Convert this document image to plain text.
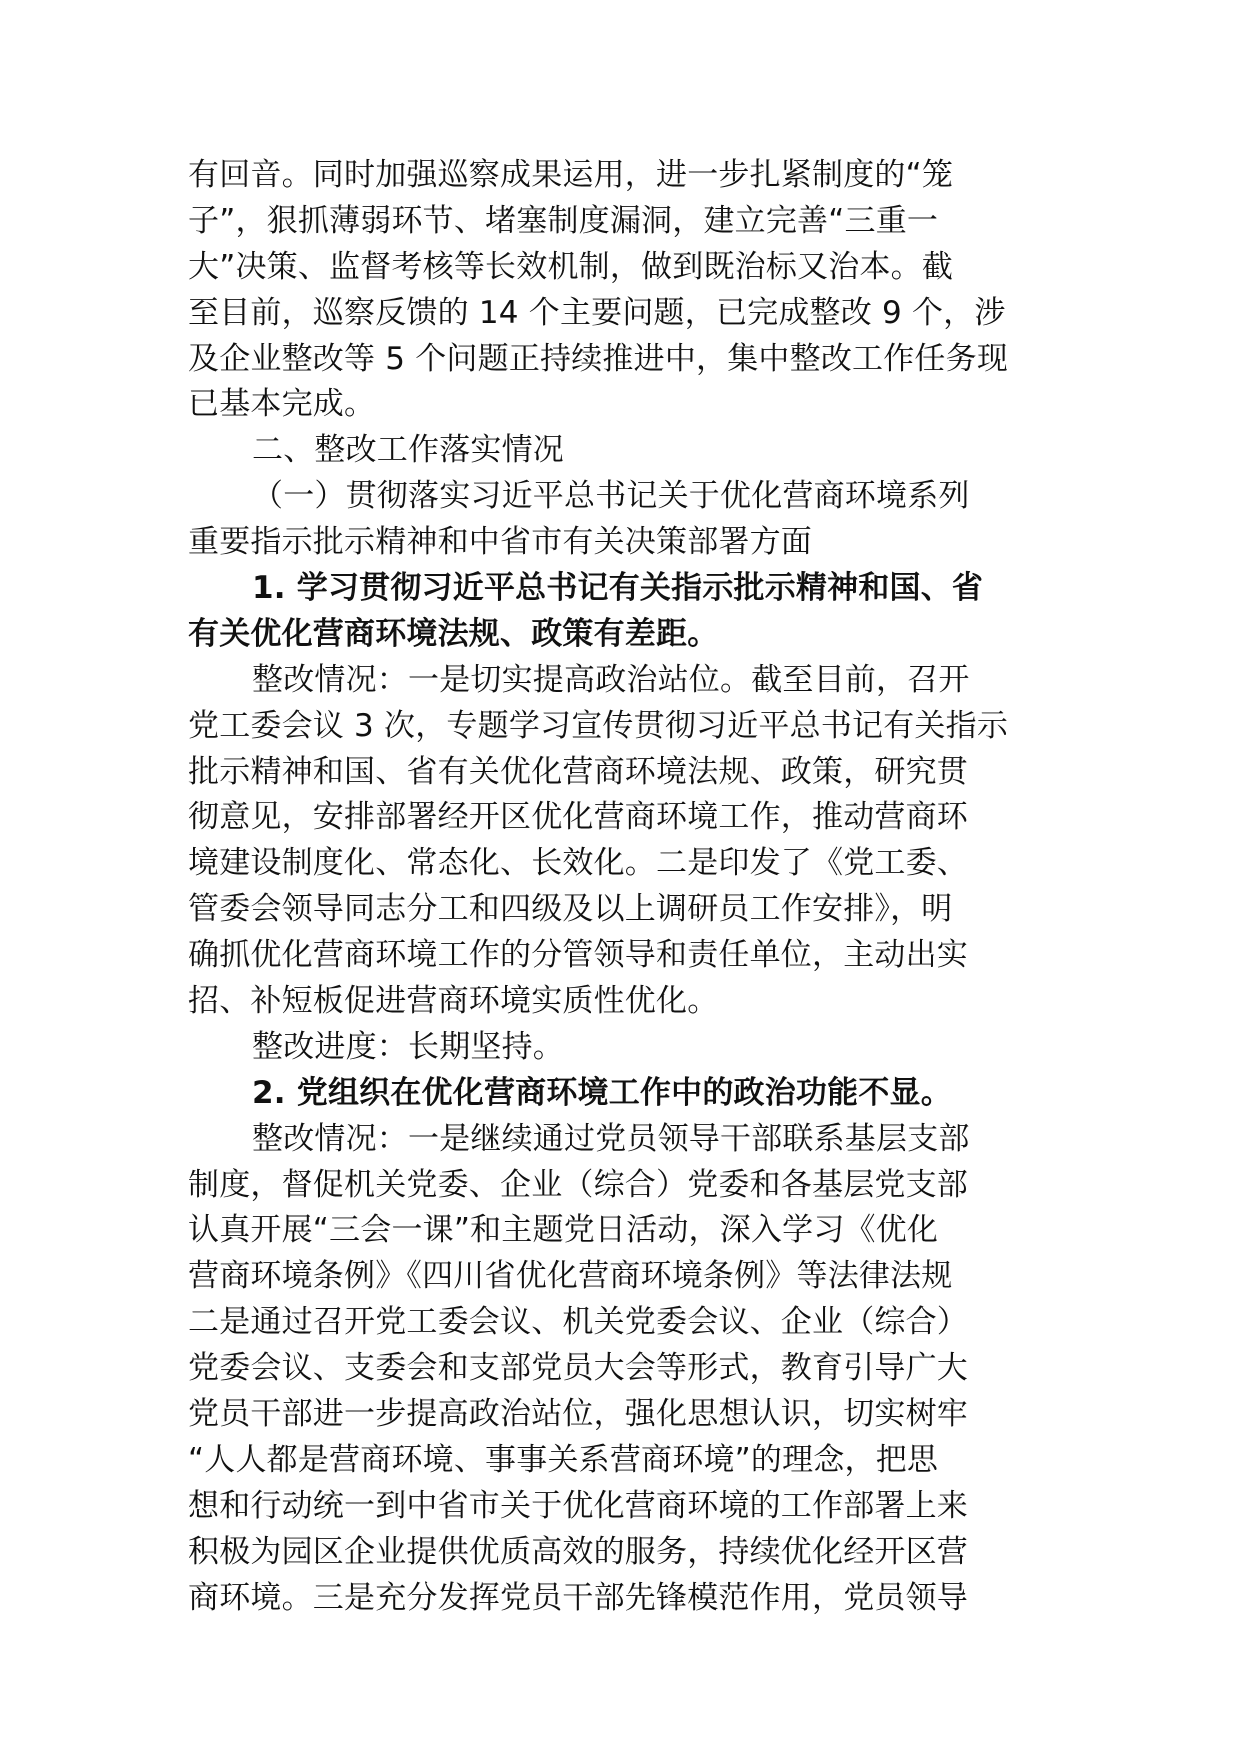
有回音。同时加强巡察成果运用，进一步扎紧制度的“笼
子”，狠抓薄弱环节、堵塞制度漏洞，建立完善“三重一
大”决策、监督考核等长效机制，做到既治标又治本。截
至目前，巡察反馈的 14 个主要问题，已完成整改 9 个，涉
及企业整改等 5 个问题正持续推进中，集中整改工作任务现
已基本完成。
二、整改工作落实情况
（一）贯彻落实习近平总书记关于优化营商环境系列
重要指示批示精神和中省市有关决策部署方面
1. 学习贯彻习近平总书记有关指示批示精神和国、省
有关优化营商环境法规、政策有差距。
整改情况：一是切实提高政治站位。截至目前，召开
党工委会议 3 次，专题学习宣传贯彻习近平总书记有关指示
批示精神和国、省有关优化营商环境法规、政策，研究贯
彻意见，安排部署经开区优化营商环境工作，推动营商环
境建设制度化、常态化、长效化。二是印发了《党工委、
管委会领导同志分工和四级及以上调研员工作安排》，明
确抓优化营商环境工作的分管领导和责任单位，主动出实
招、补短板促进营商环境实质性优化。
整改进度：长期坚持。
2. 党组织在优化营商环境工作中的政治功能不显。
整改情况：一是继续通过党员领导干部联系基层支部
制度，督促机关党委、企业（综合）党委和各基层党支部
认真开展“三会一课”和主题党日活动，深入学习《优化
营商环境条例》《四川省优化营商环境条例》等法律法规
二是通过召开党工委会议、机关党委会议、企业（综合）
党委会议、支委会和支部党员大会等形式，教育引导广大
党员干部进一步提高政治站位，强化思想认识，切实树牢
“人人都是营商环境、事事关系营商环境”的理念，把思
想和行动统一到中省市关于优化营商环境的工作部署上来
积极为园区企业提供优质高效的服务，持续优化经开区营
商环境。三是充分发挥党员干部先锋模范作用，党员领导
